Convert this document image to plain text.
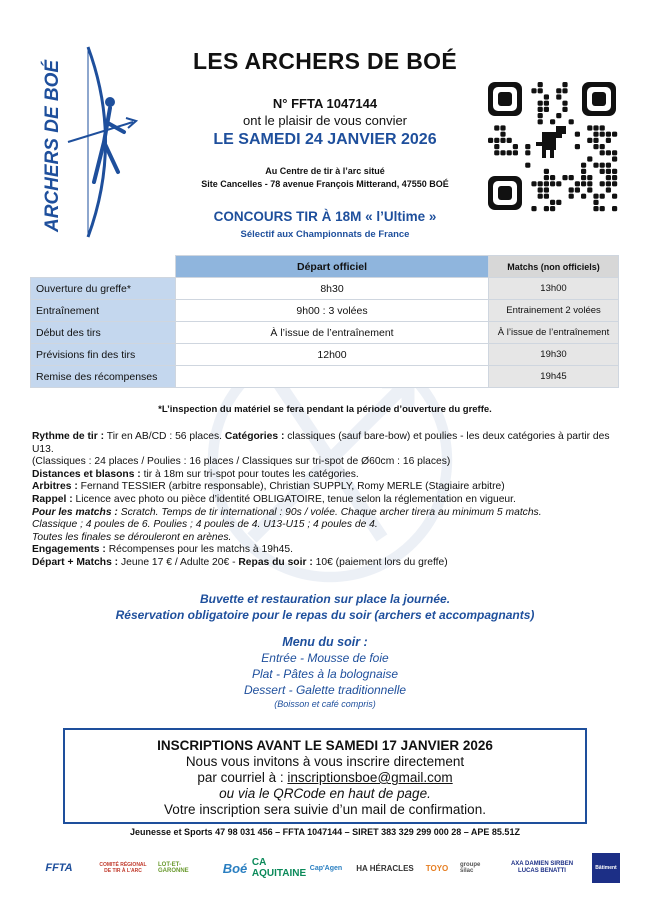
ARCHERS DE BOÉ	LES ARCHERS DE BOÉ
N° FFTA 1047144
ont le plaisir de vous convier
LE SAMEDI 24 JANVIER 2026
Au Centre de tir à l’arc situé
Site Cancelles - 78 avenue François Mitterand, 47550 BOÉ
CONCOURS TIR À 18M « l’Ultime »
Sélectif aux Championnats de France
	Départ officiel	Matchs (non officiels)
Ouverture du greffe*	8h30	13h00
Entraînement	9h00 : 3 volées	Entrainement 2 volées
Début des tirs	À l’issue de l’entraînement	À l’issue de l’entraînement
Prévisions fin des tirs	12h00	19h30
Remise des récompenses		19h45
*L’inspection du matériel se fera pendant la période d’ouverture du greffe.

Rythme de tir : Tir en AB/CD : 56 places. Catégories : classiques (sauf bare-bow) et poulies - les deux catégories à partir des U13.

(Classiques : 24 places / Poulies : 16 places / Classiques sur tri-spot de Ø60cm : 16 places)

Distances et blasons : tir à 18m sur tri-spot pour toutes les catégories.

Arbitres : Fernand TESSIER (arbitre responsable), Christian SUPPLY, Romy MERLE (Stagiaire arbitre)

Rappel : Licence avec photo ou pièce d’identité OBLIGATOIRE, tenue selon la réglementation en vigueur.

Pour les matchs : Scratch. Temps de tir international : 90s / volée. Chaque archer tirera au minimum 5 matchs.

Classique ; 4 poules de 6. Poulies ; 4 poules de 4. U13-U15 ; 4 poules de 4.

Toutes les finales se dérouleront en arènes.

Engagements : Récompenses pour les matchs à 19h45.

Départ + Matchs : Jeune 17 € / Adulte 20€ - Repas du soir : 10€ (paiement lors du greffe)

Buvette et restauration sur place la journée.
Réservation obligatoire pour le repas du soir (archers et accompagnants)
Menu du soir :
Entrée - Mousse de foie
Plat - Pâtes à la bolognaise
Dessert - Galette traditionnelle
(Boisson et café compris)
INSCRIPTIONS AVANT LE SAMEDI 17 JANVIER 2026
Nous vous invitons à vous inscrire directement
par courriel à : inscriptionsboe@gmail.com
ou via le QRCode en haut de page.
Votre inscription sera suivie d’un mail de confirmation.
Jeunesse et Sports 47 98 031 456 – FFTA 1047144 – SIRET 383 329 299 000 28 – APE 85.51Z
FFTA	COMITÉ RÉGIONAL DE TIR À L’ARC
LOT-ET-GARONNE	Boé CA AQUITAINE Cap'Agen	HA HÉRACLES TOYO groupe silac
AXA DAMIEN SIRBEN LUCAS BENATTI	Bâtiment
